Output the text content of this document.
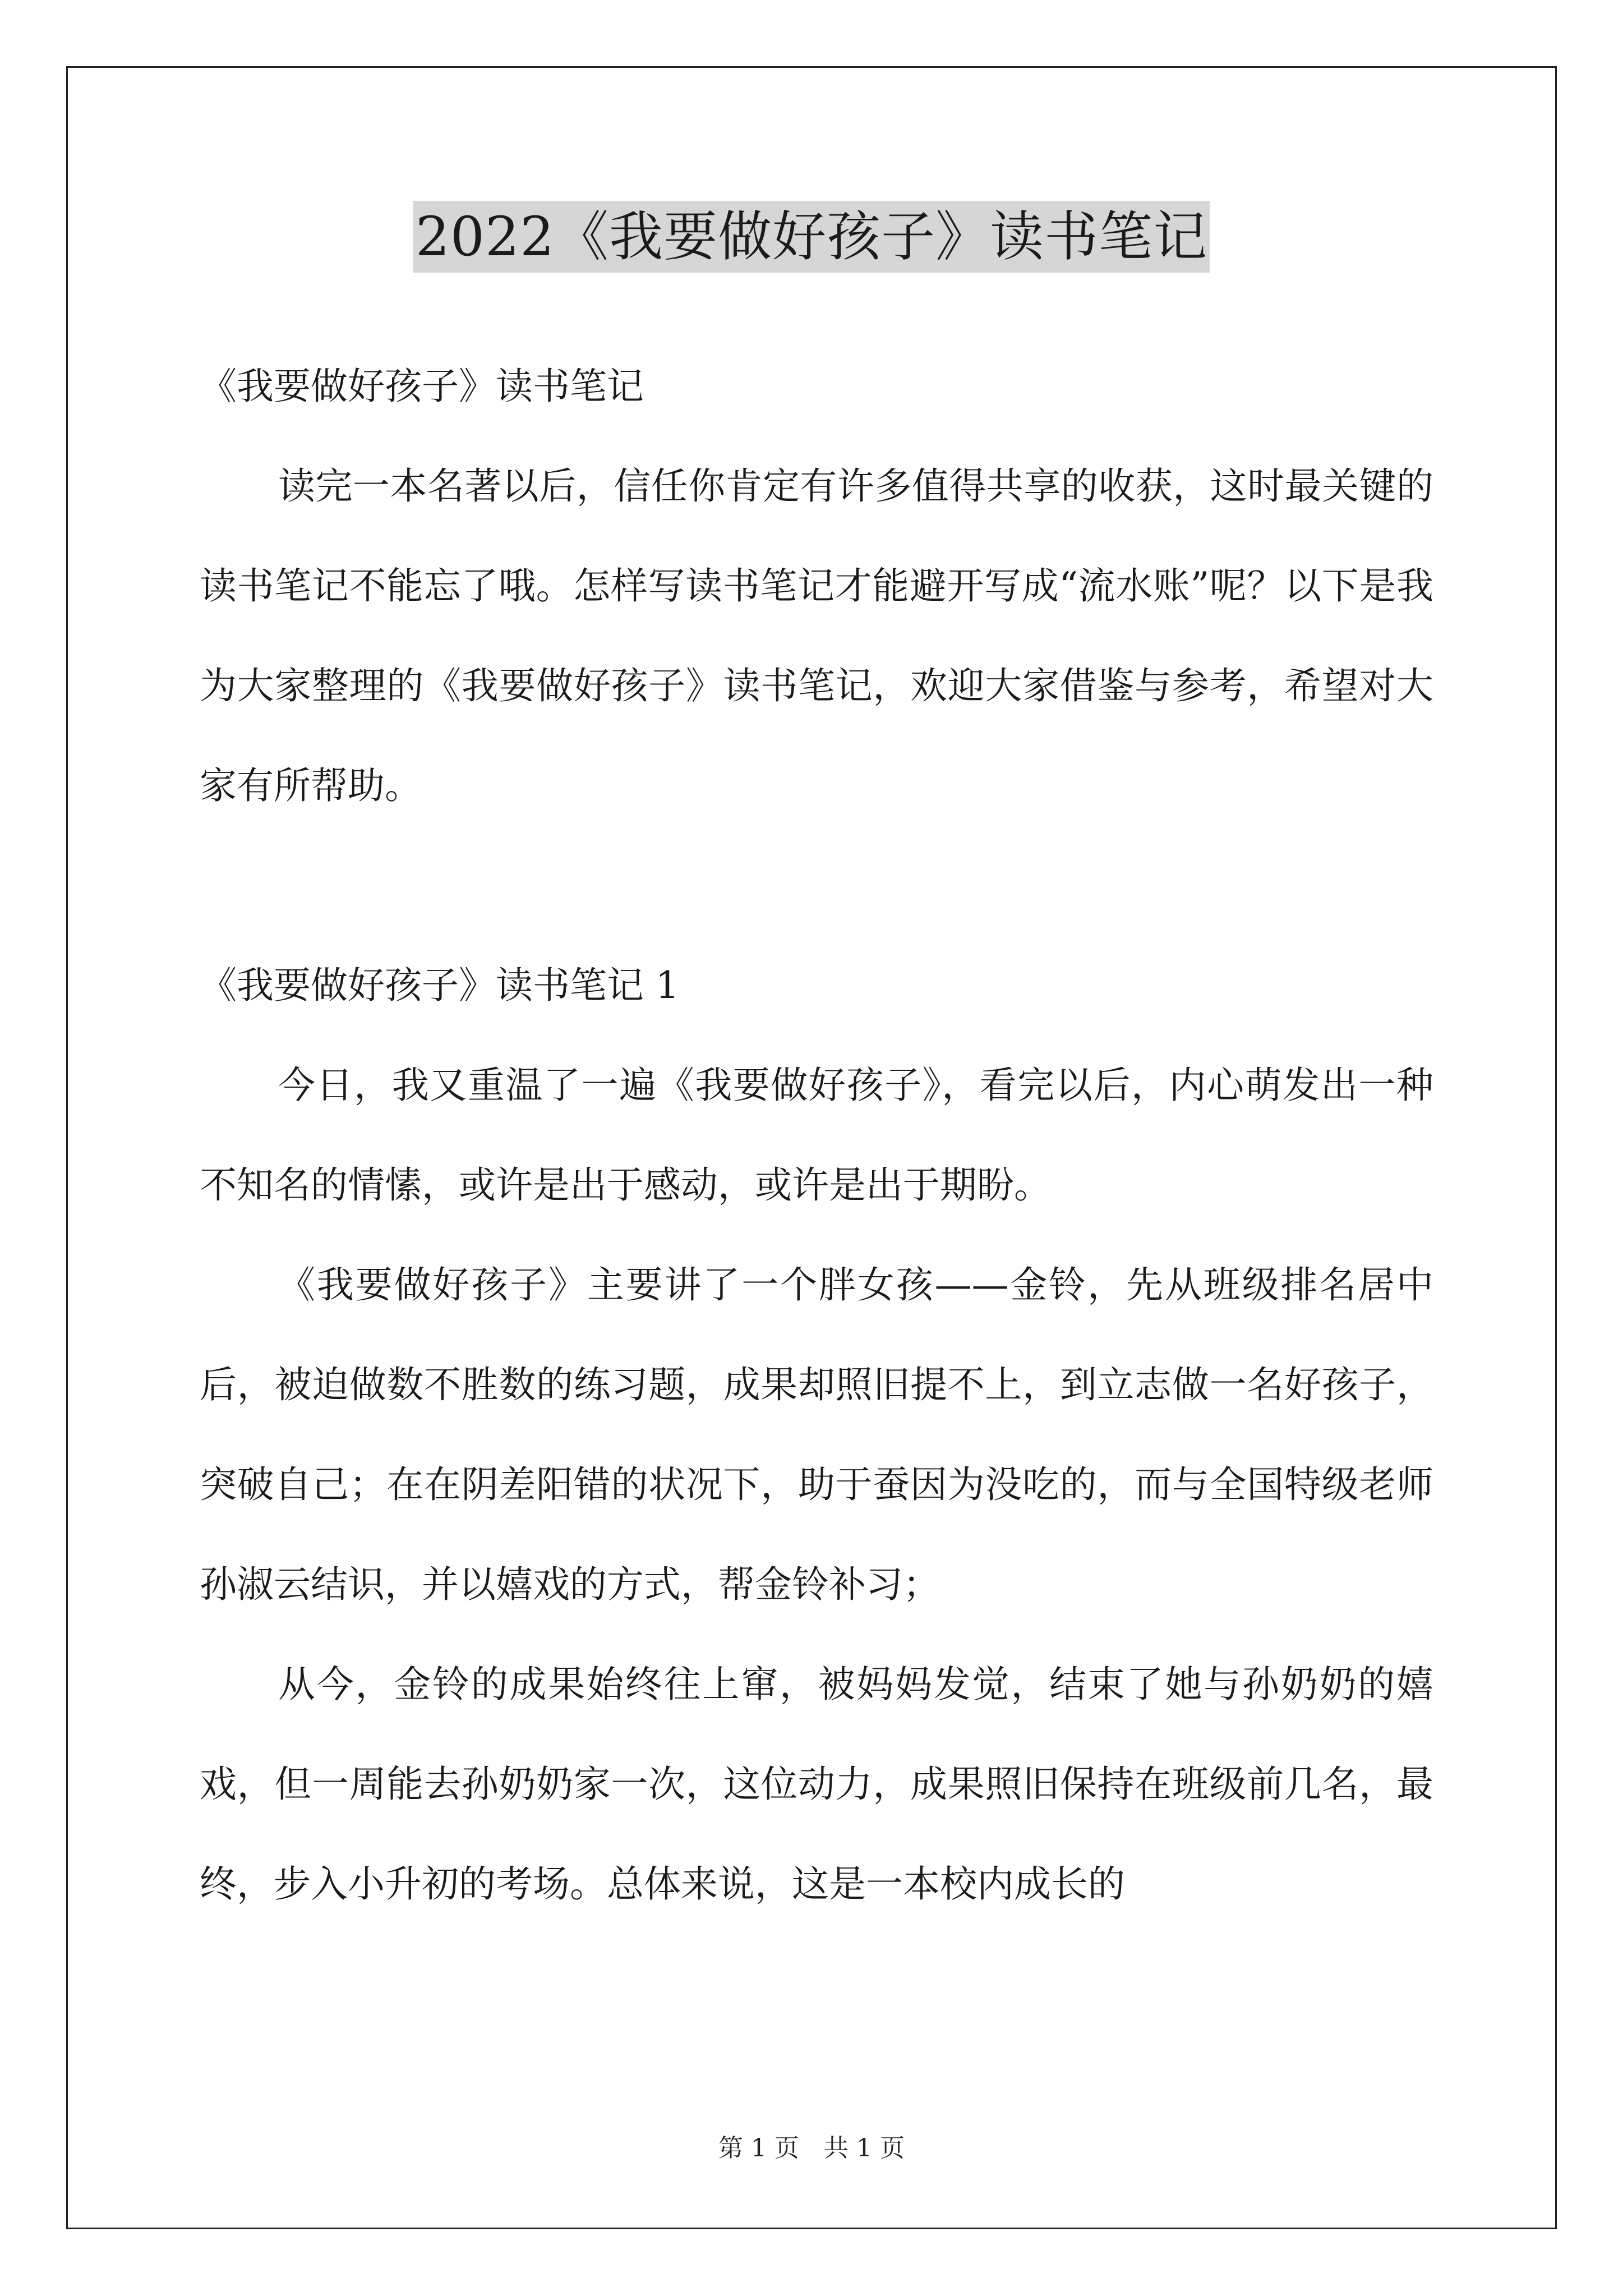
2022《我要做好孩子》读书笔记

《我要做好孩子》读书笔记

读完一本名著以后，信任你肯定有许多值得共享的收获，这时最关键的读书笔记不能忘了哦。怎样写读书笔记才能避开写成“流水账”呢？以下是我为大家整理的《我要做好孩子》读书笔记，欢迎大家借鉴与参考，希望对大家有所帮助。

《我要做好孩子》读书笔记 1

今日，我又重温了一遍《我要做好孩子》，看完以后，内心萌发出一种不知名的情愫，或许是出于感动，或许是出于期盼。

《我要做好孩子》主要讲了一个胖女孩——金铃，先从班级排名居中后，被迫做数不胜数的练习题，成果却照旧提不上，到立志做一名好孩子，突破自己；在在阴差阳错的状况下，助于蚕因为没吃的，而与全国特级老师孙淑云结识，并以嬉戏的方式，帮金铃补习；

从今，金铃的成果始终往上窜，被妈妈发觉，结束了她与孙奶奶的嬉戏，但一周能去孙奶奶家一次，这位动力，成果照旧保持在班级前几名，最终，步入小升初的考场。总体来说，这是一本校内成长的

第 1 页　共 1 页
